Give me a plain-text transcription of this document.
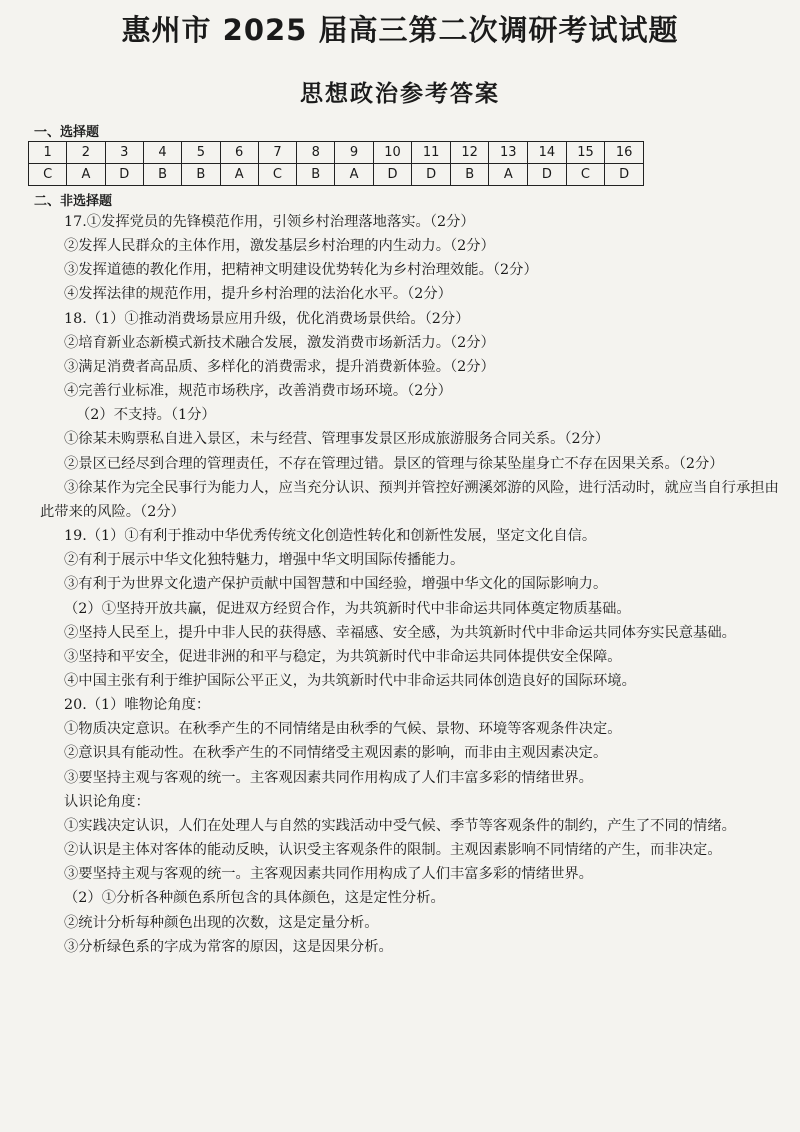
惠州市 2025 届高三第二次调研考试试题
思想政治参考答案
一、选择题
1	2	3	4	5	6	7	8	9	10	11	12	13	14	15	16
C	A	D	B	B	A	C	B	A	D	D	B	A	D	C	D
二、非选择题
17.①发挥党员的先锋模范作用，引领乡村治理落地落实。（2分）
②发挥人民群众的主体作用，激发基层乡村治理的内生动力。（2分）
③发挥道德的教化作用，把精神文明建设优势转化为乡村治理效能。（2分）
④发挥法律的规范作用，提升乡村治理的法治化水平。（2分）
18.（1）①推动消费场景应用升级，优化消费场景供给。（2分）
②培育新业态新模式新技术融合发展，激发消费市场新活力。（2分）
③满足消费者高品质、多样化的消费需求，提升消费新体验。（2分）
④完善行业标准，规范市场秩序，改善消费市场环境。（2分）
（2）不支持。（1分）
①徐某未购票私自进入景区，未与经营、管理事发景区形成旅游服务合同关系。（2分）
②景区已经尽到合理的管理责任，不存在管理过错。景区的管理与徐某坠崖身亡不存在因果关系。（2分）
③徐某作为完全民事行为能力人，应当充分认识、预判并管控好溯溪郊游的风险，进行活动时，就应当自行承担由此带来的风险。（2分）
19.（1）①有利于推动中华优秀传统文化创造性转化和创新性发展，坚定文化自信。
②有利于展示中华文化独特魅力，增强中华文明国际传播能力。
③有利于为世界文化遗产保护贡献中国智慧和中国经验，增强中华文化的国际影响力。
（2）①坚持开放共赢，促进双方经贸合作，为共筑新时代中非命运共同体奠定物质基础。
②坚持人民至上，提升中非人民的获得感、幸福感、安全感，为共筑新时代中非命运共同体夯实民意基础。
③坚持和平安全，促进非洲的和平与稳定，为共筑新时代中非命运共同体提供安全保障。
④中国主张有利于维护国际公平正义，为共筑新时代中非命运共同体创造良好的国际环境。
20.（1）唯物论角度：
①物质决定意识。在秋季产生的不同情绪是由秋季的气候、景物、环境等客观条件决定。
②意识具有能动性。在秋季产生的不同情绪受主观因素的影响，而非由主观因素决定。
③要坚持主观与客观的统一。主客观因素共同作用构成了人们丰富多彩的情绪世界。
认识论角度：
①实践决定认识，人们在处理人与自然的实践活动中受气候、季节等客观条件的制约，产生了不同的情绪。
②认识是主体对客体的能动反映，认识受主客观条件的限制。主观因素影响不同情绪的产生，而非决定。
③要坚持主观与客观的统一。主客观因素共同作用构成了人们丰富多彩的情绪世界。
（2）①分析各种颜色系所包含的具体颜色，这是定性分析。
②统计分析每种颜色出现的次数，这是定量分析。
③分析绿色系的字成为常客的原因，这是因果分析。
